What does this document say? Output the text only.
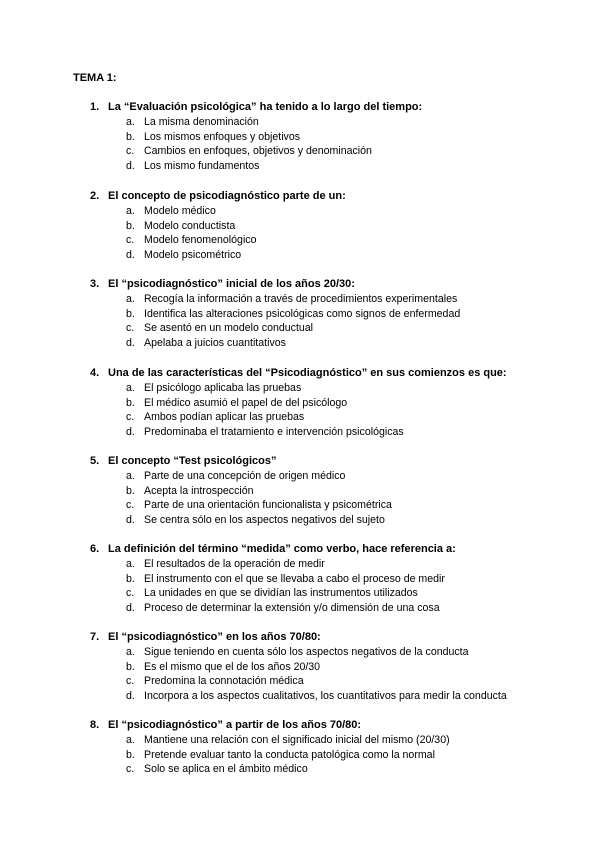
TEMA 1:
1. La “Evaluación psicológica” ha tenido a lo largo del tiempo:
a. La misma denominación
b. Los mismos enfoques y objetivos
c. Cambios en enfoques, objetivos y denominación
d. Los mismo fundamentos
2. El concepto de psicodiagnóstico parte de un:
a. Modelo médico
b. Modelo conductista
c. Modelo fenomenológico
d. Modelo psicométrico
3. El “psicodiagnóstico” inicial de los años 20/30:
a. Recogía la información a través de procedimientos experimentales
b. Identifica las alteraciones psicológicas como signos de enfermedad
c. Se asentó en un modelo conductual
d. Apelaba a juicios cuantitativos
4. Una de las características del “Psicodiagnóstico” en sus comienzos es que:
a. El psicólogo aplicaba las pruebas
b. El médico asumió el papel de del psicólogo
c. Ambos podían aplicar las pruebas
d. Predominaba el tratamiento e intervención psicológicas
5. El concepto “Test psicológicos”
a. Parte de una concepción de origen médico
b. Acepta la introspección
c. Parte de una orientación funcionalista y psicométrica
d. Se centra sólo en los aspectos negativos del sujeto
6. La definición del término “medida” como verbo, hace referencia a:
a. El resultados de la operación de medir
b. El instrumento con el que se llevaba a cabo el proceso de medir
c. La unidades en que se dividían las instrumentos utilizados
d. Proceso de determinar la extensión y/o dimensión de una cosa
7. El “psicodiagnóstico” en los años 70/80:
a. Sigue teniendo en cuenta sólo los aspectos negativos de la conducta
b. Es el mismo que el de los años 20/30
c. Predomina la connotación médica
d. Incorpora a los aspectos cualitativos, los cuantitativos para medir la conducta
8. El “psicodiagnóstico” a partir de los años 70/80:
a. Mantiene una relación con el significado inicial del mismo (20/30)
b. Pretende evaluar tanto la conducta patológica como la normal
c. Solo se aplica en el ámbito médico
